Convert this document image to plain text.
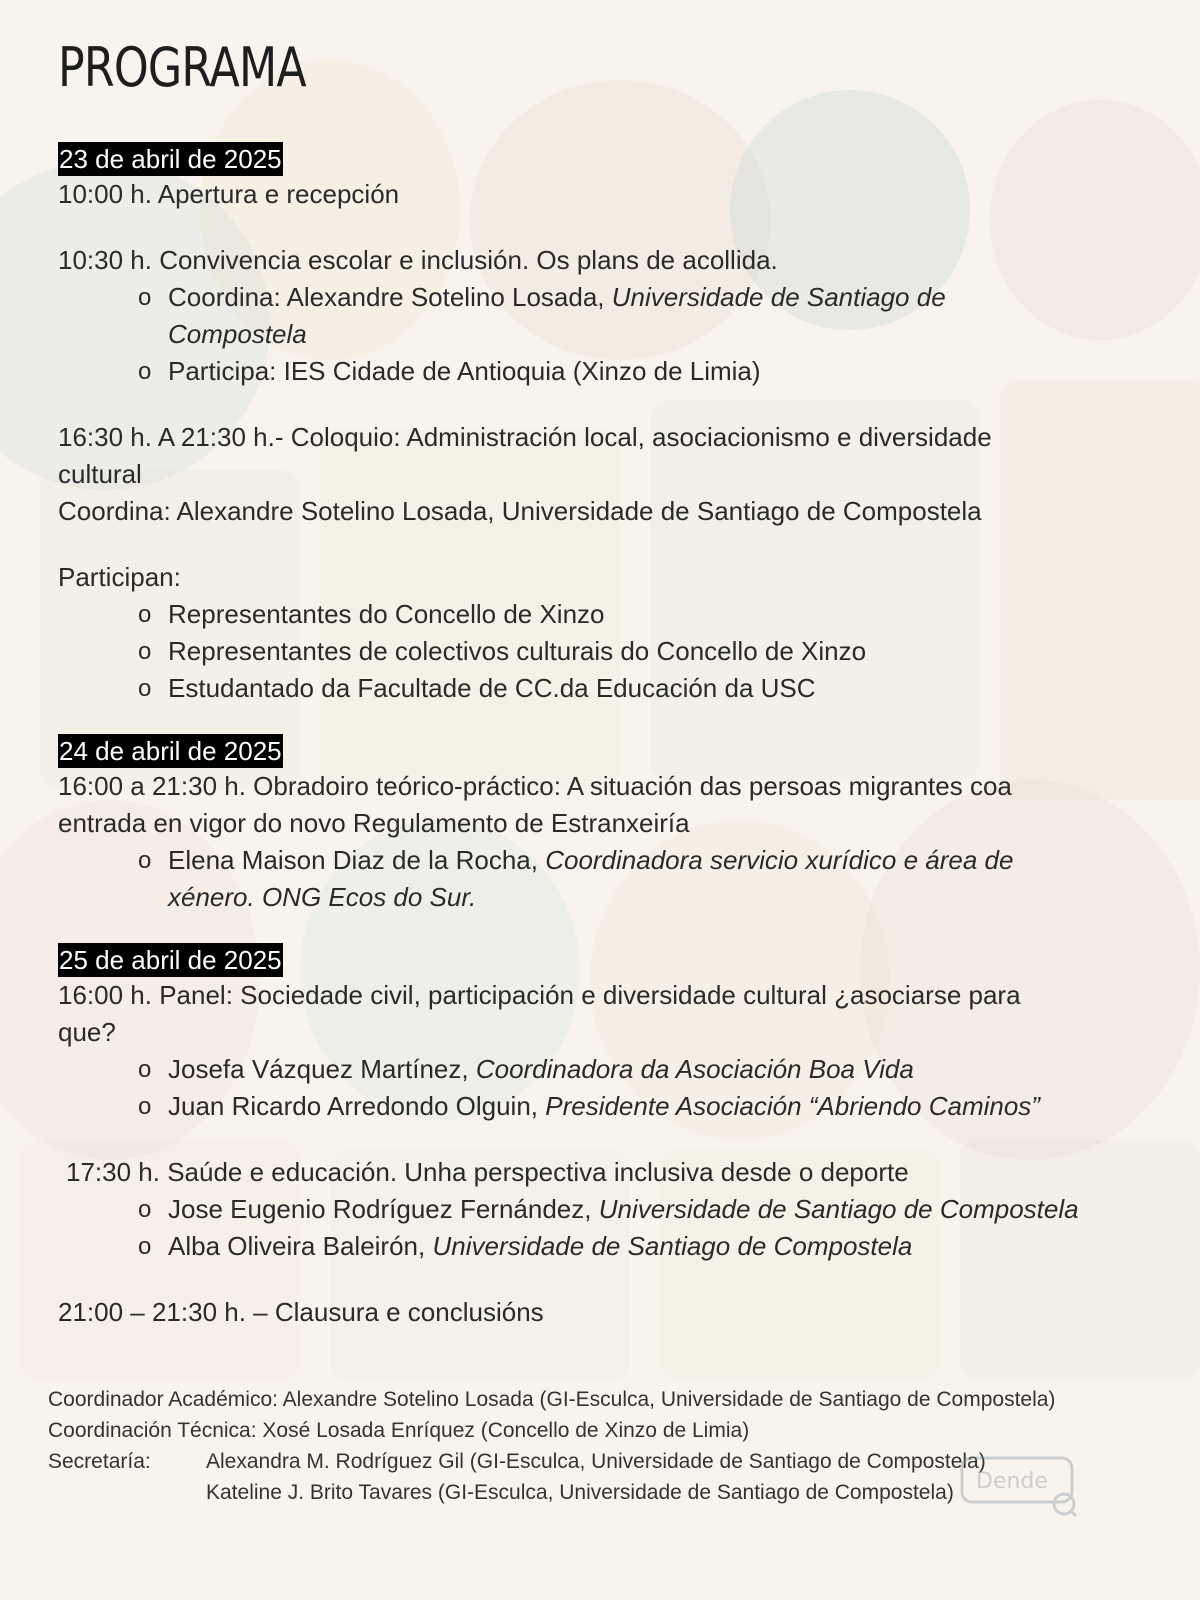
PROGRAMA
23 de abril de 2025
10:00 h. Apertura e recepción
10:30 h. Convivencia escolar e inclusión. Os plans de acollida.
o Coordina: Alexandre Sotelino Losada, Universidade de Santiago de
Compostela
o Participa: IES Cidade de Antioquia (Xinzo de Limia)
16:30 h. A 21:30 h.- Coloquio: Administración local, asociacionismo e diversidade
cultural
Coordina: Alexandre Sotelino Losada, Universidade de Santiago de Compostela
Participan:
o Representantes do Concello de Xinzo
o Representantes de colectivos culturais do Concello de Xinzo
o Estudantado da Facultade de CC.da Educación da USC
24 de abril de 2025
16:00 a 21:30 h. Obradoiro teórico-práctico: A situación das persoas migrantes coa
entrada en vigor do novo Regulamento de Estranxeiría
o Elena Maison Diaz de la Rocha, Coordinadora servicio xurídico e área de
xénero. ONG Ecos do Sur.
25 de abril de 2025
16:00 h. Panel: Sociedade civil, participación e diversidade cultural ¿asociarse para
que?
o Josefa Vázquez Martínez, Coordinadora da Asociación Boa Vida
o Juan Ricardo Arredondo Olguin, Presidente Asociación “Abriendo Caminos”
17:30 h. Saúde e educación. Unha perspectiva inclusiva desde o deporte
o Jose Eugenio Rodríguez Fernández, Universidade de Santiago de Compostela
o Alba Oliveira Baleirón, Universidade de Santiago de Compostela
21:00 – 21:30 h. – Clausura e conclusións
Coordinador Académico: Alexandre Sotelino Losada (GI-Esculca, Universidade de Santiago de Compostela)
Coordinación Técnica: Xosé Losada Enríquez (Concello de Xinzo de Limia)
Secretaría:	Alexandra M. Rodríguez Gil (GI-Esculca, Universidade de Santiago de Compostela)
Kateline J. Brito Tavares (GI-Esculca, Universidade de Santiago de Compostela)	Dende
